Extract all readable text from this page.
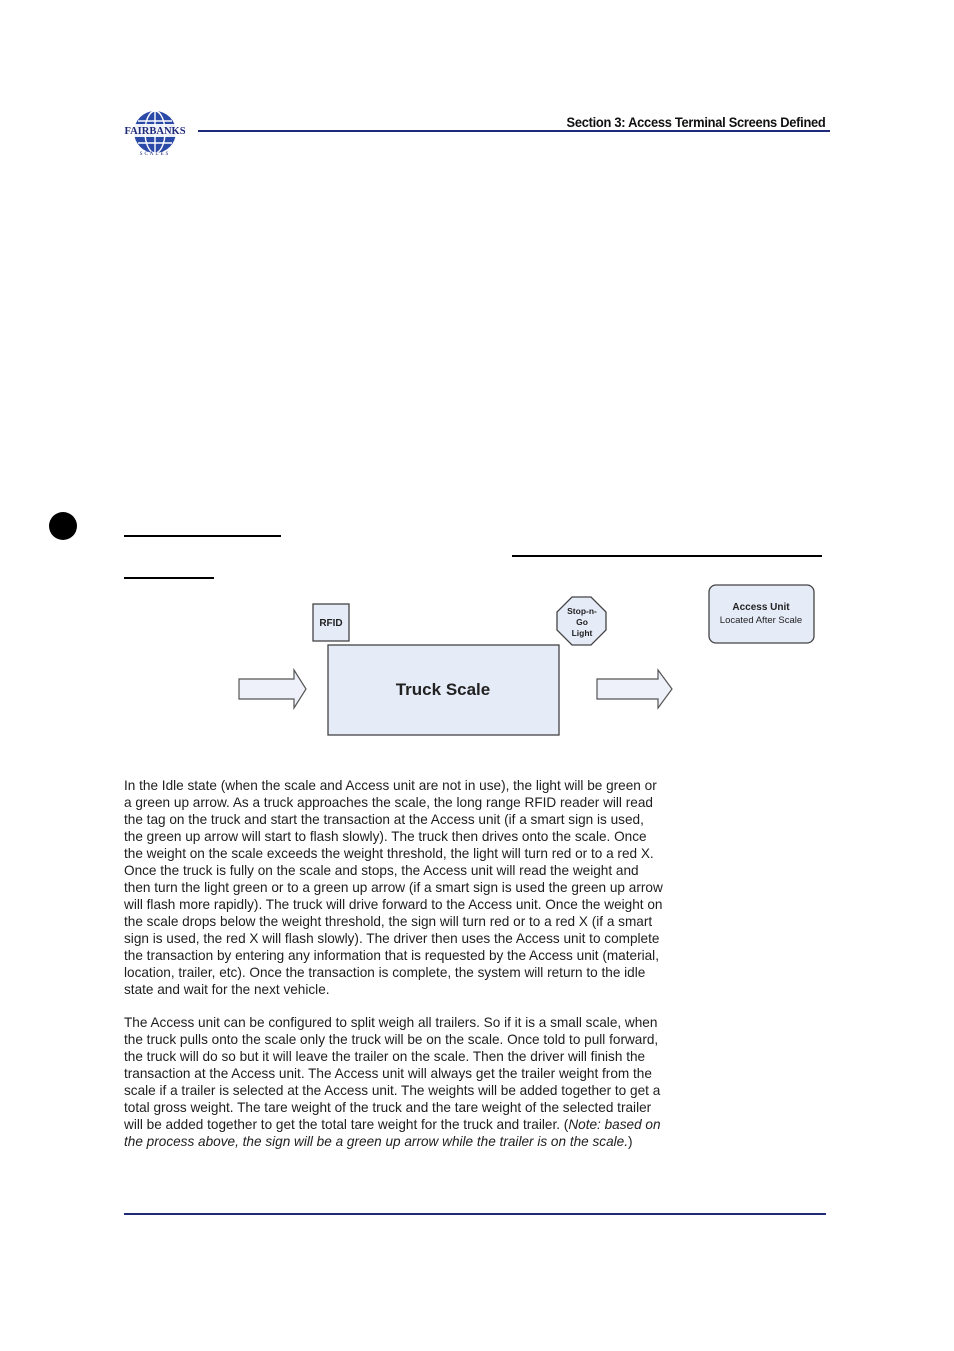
FAIRBANKS
SCALES
Section 3: Access Terminal Screens Defined
RFID
Truck Scale
Stop-n-
Go
Light
Access Unit
Located After Scale

In the Idle state (when the scale and Access unit are not in use), the light will be green or a green up arrow. As a truck approaches the scale, the long range RFID reader will read the tag on the truck and start the transaction at the Access unit (if a smart sign is used, the green up arrow will start to flash slowly). The truck then drives onto the scale. Once the weight on the scale exceeds the weight threshold, the light will turn red or to a red X. Once the truck is fully on the scale and stops, the Access unit will read the weight and then turn the light green or to a green up arrow (if a smart sign is used the green up arrow will flash more rapidly). The truck will drive forward to the Access unit. Once the weight on the scale drops below the weight threshold, the sign will turn red or to a red X (if a smart sign is used, the red X will flash slowly). The driver then uses the Access unit to complete the transaction by entering any information that is requested by the Access unit (material, location, trailer, etc). Once the transaction is complete, the system will return to the idle state and wait for the next vehicle.

The Access unit can be configured to split weigh all trailers. So if it is a small scale, when the truck pulls onto the scale only the truck will be on the scale. Once told to pull forward, the truck will do so but it will leave the trailer on the scale. Then the driver will finish the transaction at the Access unit. The Access unit will always get the trailer weight from the scale if a trailer is selected at the Access unit. The weights will be added together to get a total gross weight. The tare weight of the truck and the tare weight of the selected trailer will be added together to get the total tare weight for the truck and trailer. (Note: based on the process above, the sign will be a green up arrow while the trailer is on the scale.)
